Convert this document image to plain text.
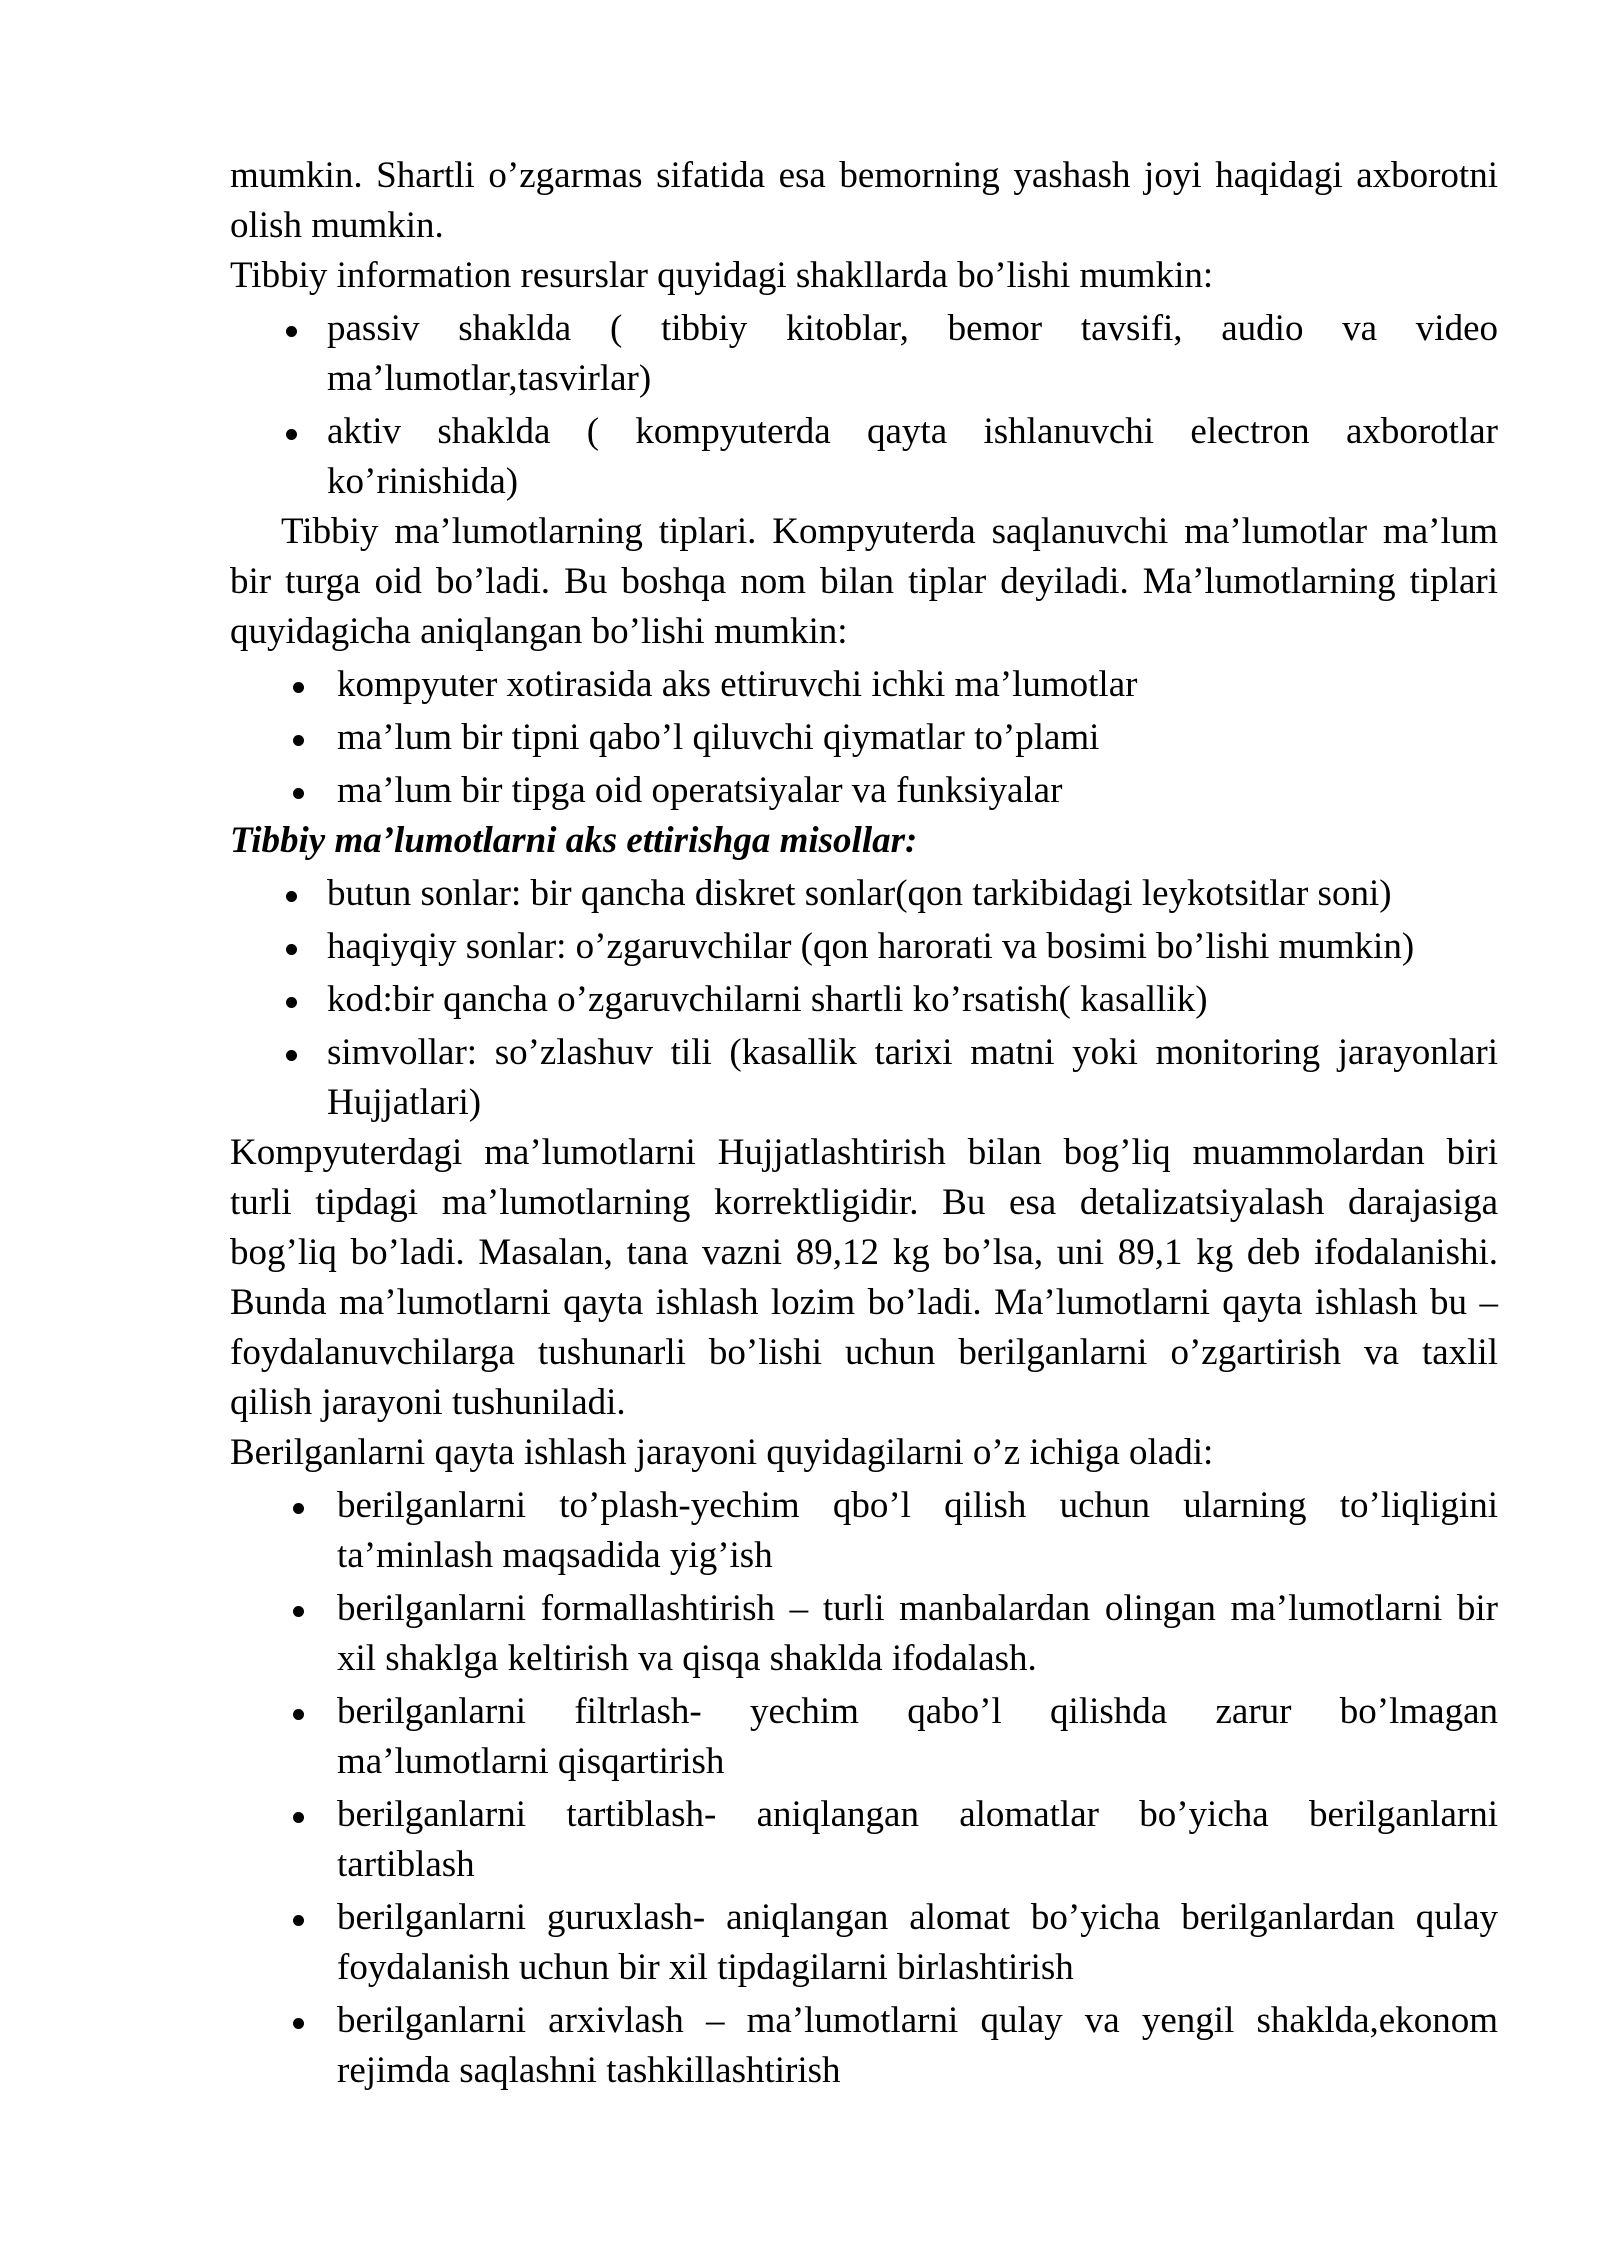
mumkin. Shartli o’zgarmas sifatida esa bemorning yashash joyi haqidagi axborotni
olish mumkin.
Tibbiy information resurslar quyidagi shakllarda bo’lishi mumkin:
passiv shaklda ( tibbiy kitoblar, bemor tavsifi, audio va video
ma’lumotlar,tasvirlar)
aktiv shaklda ( kompyuterda qayta ishlanuvchi electron axborotlar
ko’rinishida)
Tibbiy ma’lumotlarning tiplari. Kompyuterda saqlanuvchi ma’lumotlar ma’lum
bir turga oid bo’ladi. Bu boshqa nom bilan tiplar deyiladi. Ma’lumotlarning tiplari
quyidagicha aniqlangan bo’lishi mumkin:
kompyuter xotirasida aks ettiruvchi ichki ma’lumotlar
ma’lum bir tipni qabo’l qiluvchi qiymatlar to’plami
ma’lum bir tipga oid operatsiyalar va funksiyalar
Tibbiy ma’lumotlarni aks ettirishga misollar:
butun sonlar: bir qancha diskret sonlar(qon tarkibidagi leykotsitlar soni)
haqiyqiy sonlar: o’zgaruvchilar (qon harorati va bosimi bo’lishi mumkin)
kod:bir qancha o’zgaruvchilarni shartli ko’rsatish( kasallik)
simvollar: so’zlashuv tili (kasallik tarixi matni yoki monitoring jarayonlari
Hujjatlari)
Kompyuterdagi ma’lumotlarni Hujjatlashtirish bilan bog’liq muammolardan biri
turli tipdagi ma’lumotlarning korrektligidir. Bu esa detalizatsiyalash darajasiga
bog’liq bo’ladi. Masalan, tana vazni 89,12 kg bo’lsa, uni 89,1 kg deb ifodalanishi.
Bunda ma’lumotlarni qayta ishlash lozim bo’ladi. Ma’lumotlarni qayta ishlash bu –
foydalanuvchilarga tushunarli bo’lishi uchun berilganlarni o’zgartirish va taxlil
qilish jarayoni tushuniladi.
Berilganlarni qayta ishlash jarayoni quyidagilarni o’z ichiga oladi:
berilganlarni to’plash-yechim qbo’l qilish uchun ularning to’liqligini
ta’minlash maqsadida yig’ish
berilganlarni formallashtirish – turli manbalardan olingan ma’lumotlarni bir
xil shaklga keltirish va qisqa shaklda ifodalash.
berilganlarni filtrlash- yechim qabo’l qilishda zarur bo’lmagan
ma’lumotlarni qisqartirish
berilganlarni tartiblash- aniqlangan alomatlar bo’yicha berilganlarni
tartiblash
berilganlarni guruxlash- aniqlangan alomat bo’yicha berilganlardan qulay
foydalanish uchun bir xil tipdagilarni birlashtirish
berilganlarni arxivlash – ma’lumotlarni qulay va yengil shaklda,ekonom
rejimda saqlashni tashkillashtirish
